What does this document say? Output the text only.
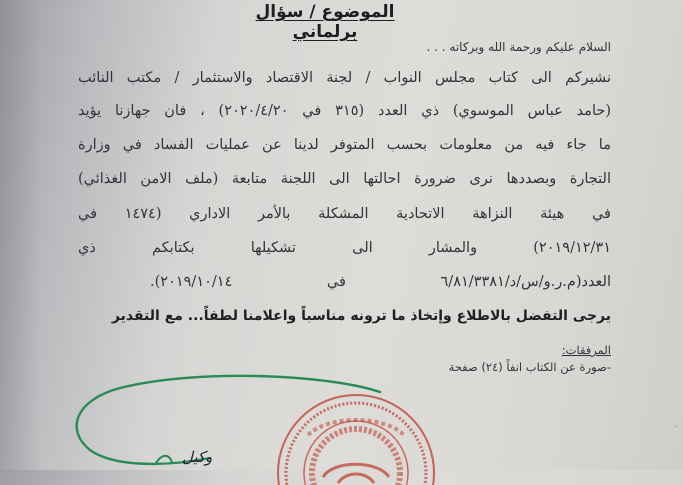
الموضوع / سؤال برلماني
السلام عليكم ورحمة الله وبركاته . . .
نشيركم الى كتاب مجلس النواب / لجنة الاقتصاد والاستثمار / مكتب النائب
(حامد عباس الموسوي) ذي العدد (٣١٥ في ٢٠٢٠/٤/٢٠) ، فان جهازنا يؤيد
ما جاء فيه من معلومات بحسب المتوفر لدينا عن عمليات الفساد في وزارة
التجارة وبصددها نرى ضرورة احالتها الى اللجنة متابعة (ملف الامن الغذائي)
في هيئة النزاهة الاتحادية المشكلة بالأمر الاداري (١٤٧٤ في
٢٠١٩/١٢/٣١) والمشار الى تشكيلها بكتابكم ذي
العدد(م.ر.و/س/د/٦/٨١/٣٣٨١ في ٢٠١٩/١٠/١٤).
يرجى التفضل بالاطلاع وإتخاذ ما ترونه مناسباً واعلامنا لطفاً... مع التقدير
المرفقات:
-صورة عن الكتاب انفاً (٢٤) صفحة
وكيل
·
